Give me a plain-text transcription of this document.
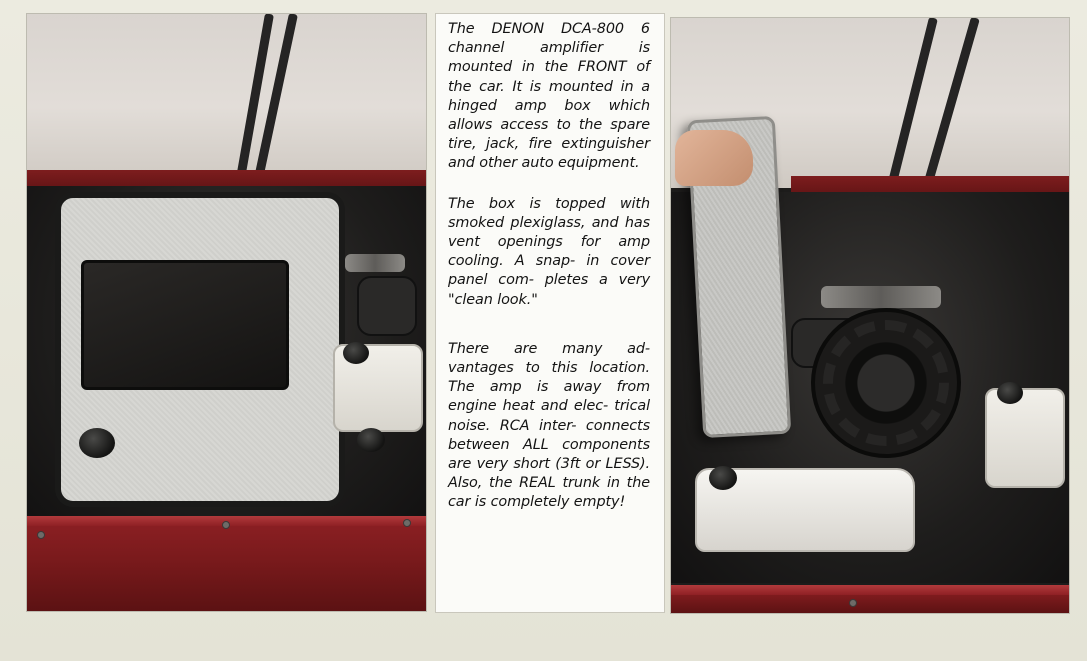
The DENON DCA-800 6 channel amplifier is mounted in the FRONT of the car. It is mounted in a hinged amp box which allows access to the spare tire, jack, fire extinguisher and other auto equipment.

The box is topped with smoked plexiglass, and has vent openings for amp cooling. A snap- in cover panel com- pletes a very "clean look."

There are many ad- vantages to this location. The amp is away from engine heat and elec- trical noise. RCA inter- connects between ALL components are very short (3ft or LESS). Also, the REAL trunk in the car is completely empty!
